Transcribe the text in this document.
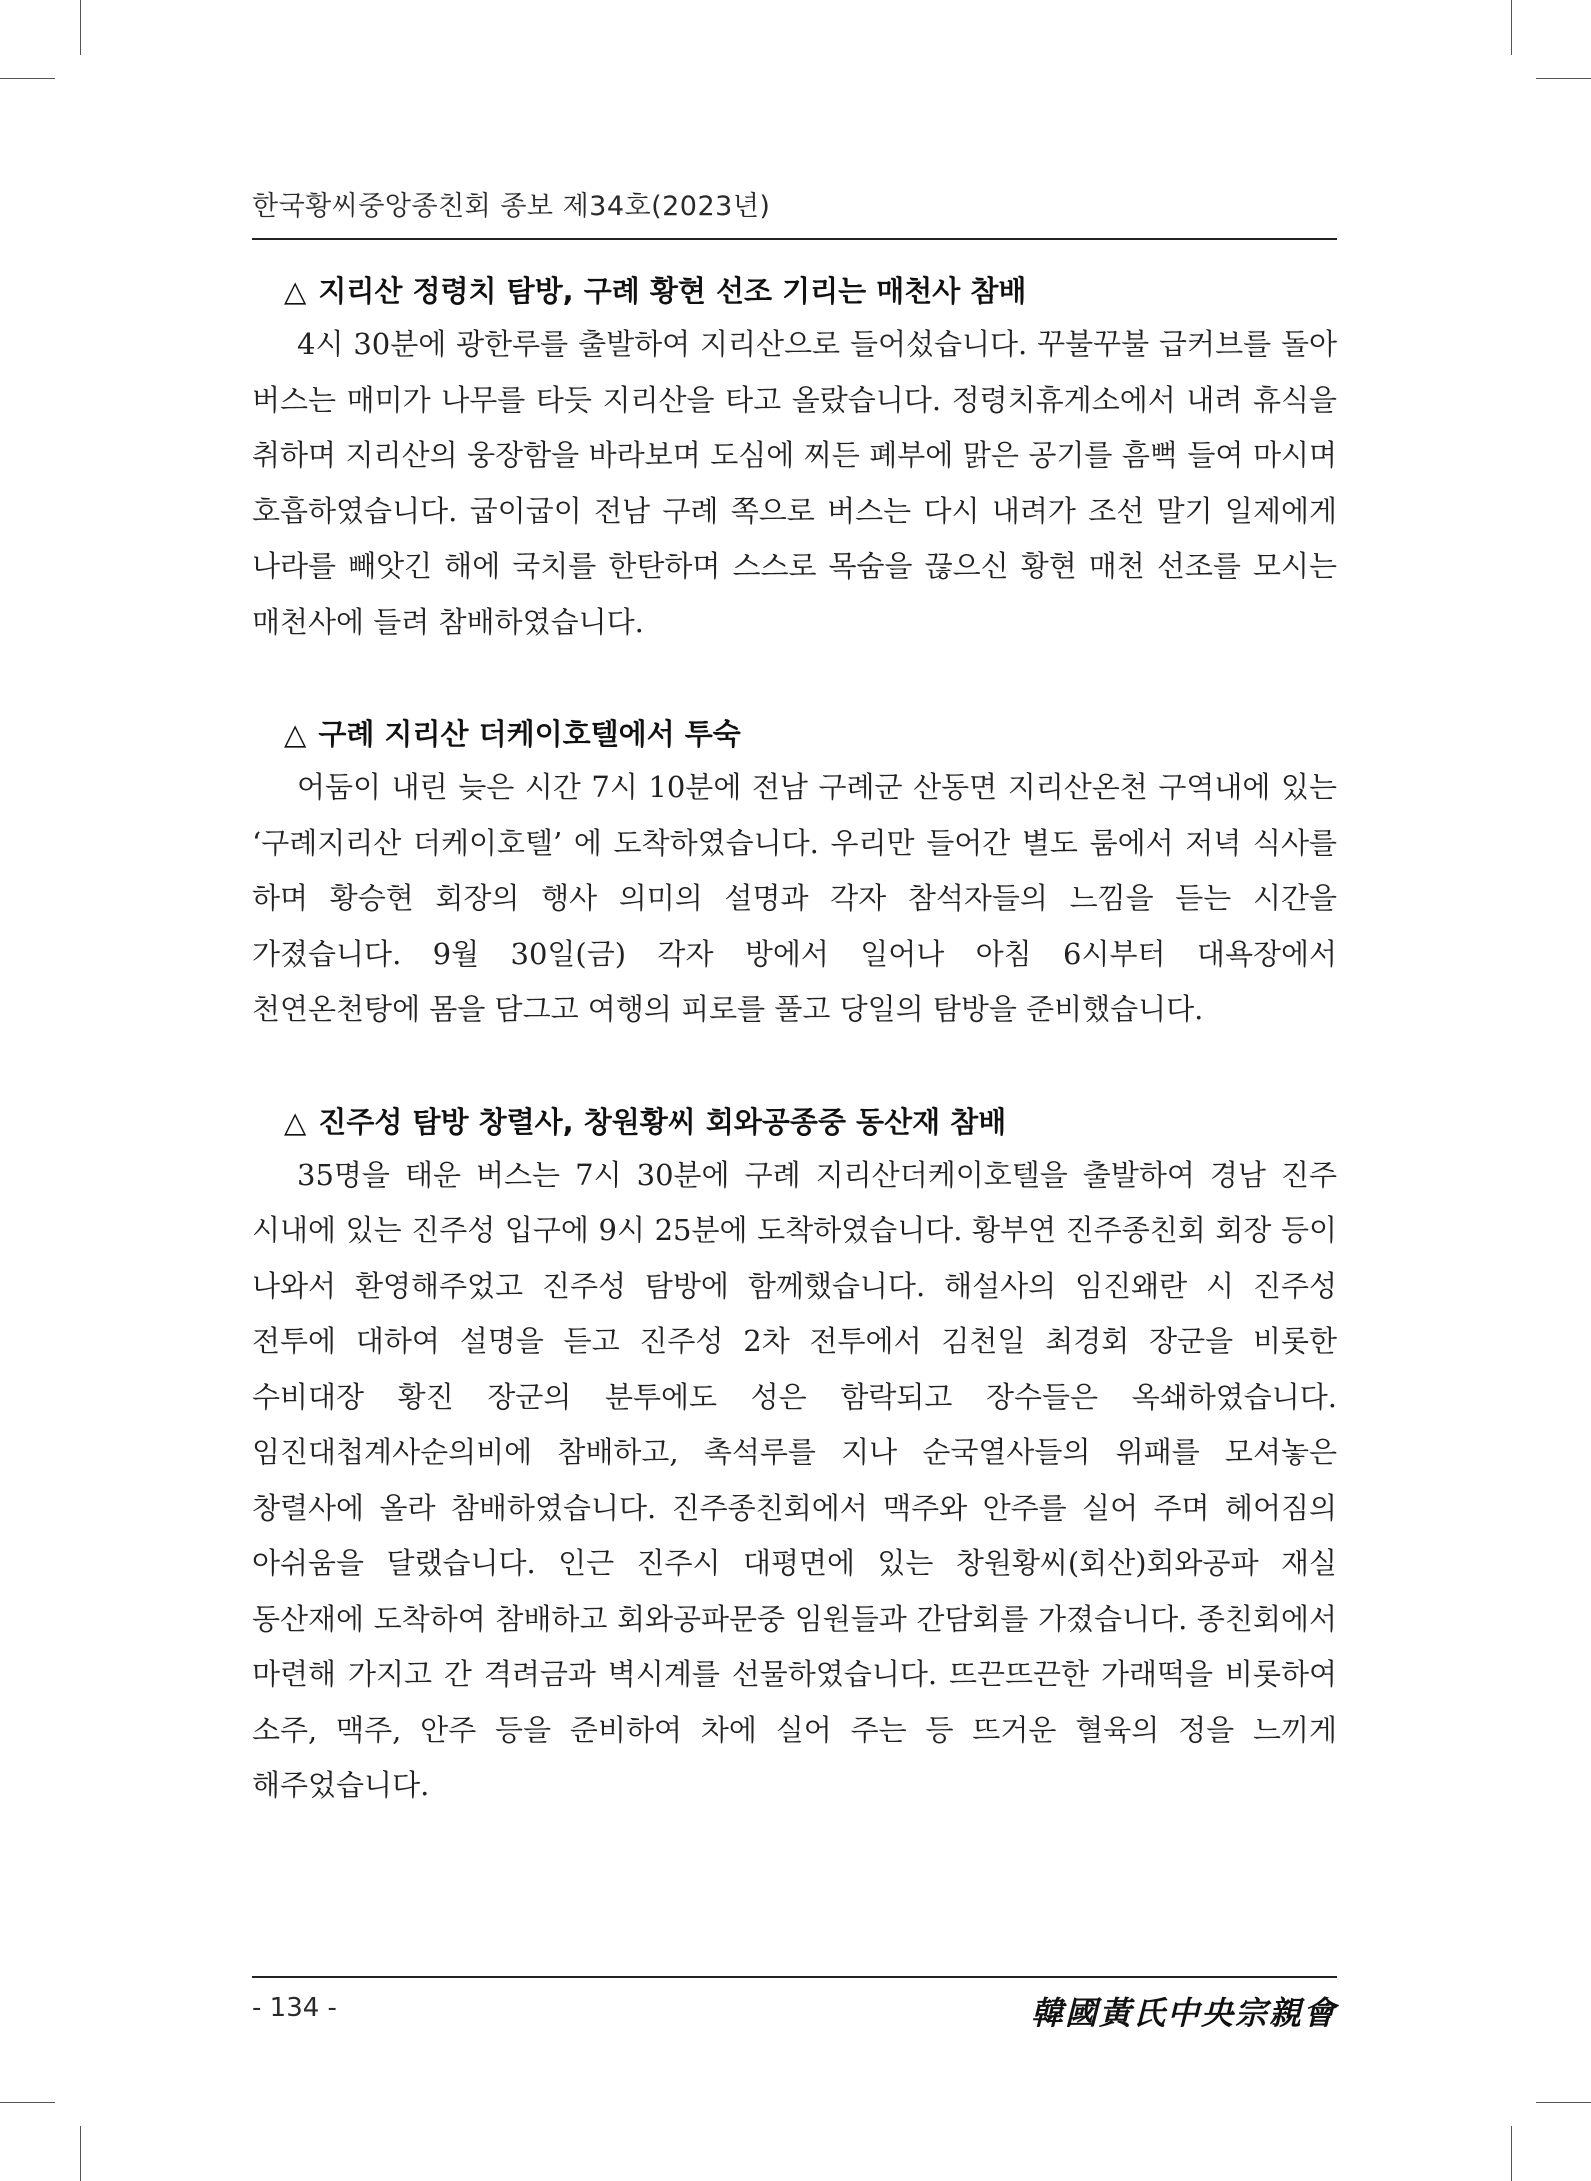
한국황씨중앙종친회 종보 제34호(2023년)
△ 지리산 정령치 탐방, 구례 황현 선조 기리는 매천사 참배

4시 30분에 광한루를 출발하여 지리산으로 들어섰습니다. 꾸불꾸불 급커브를 돌아 버스는 매미가 나무를 타듯 지리산을 타고 올랐습니다. 정령치휴게소에서 내려 휴식을 취하며 지리산의 웅장함을 바라보며 도심에 찌든 폐부에 맑은 공기를 흠뻑 들여 마시며 호흡하였습니다. 굽이굽이 전남 구례 쪽으로 버스는 다시 내려가 조선 말기 일제에게 나라를 빼앗긴 해에 국치를 한탄하며 스스로 목숨을 끊으신 황현 매천 선조를 모시는 매천사에 들려 참배하였습니다.

△ 구례 지리산 더케이호텔에서 투숙

어둠이 내린 늦은 시간 7시 10분에 전남 구례군 산동면 지리산온천 구역내에 있는 ‘구례지리산 더케이호텔’ 에 도착하였습니다. 우리만 들어간 별도 룸에서 저녁 식사를 하며 황승현 회장의 행사 의미의 설명과 각자 참석자들의 느낌을 듣는 시간을 가졌습니다. 9월 30일(금) 각자 방에서 일어나 아침 6시부터 대욕장에서 천연온천탕에 몸을 담그고 여행의 피로를 풀고 당일의 탐방을 준비했습니다.

△ 진주성 탐방 창렬사, 창원황씨 회와공종중 동산재 참배

35명을 태운 버스는 7시 30분에 구례 지리산더케이호텔을 출발하여 경남 진주 시내에 있는 진주성 입구에 9시 25분에 도착하였습니다. 황부연 진주종친회 회장 등이 나와서 환영해주었고 진주성 탐방에 함께했습니다. 해설사의 임진왜란 시 진주성 전투에 대하여 설명을 듣고 진주성 2차 전투에서 김천일 최경회 장군을 비롯한 수비대장 황진 장군의 분투에도 성은 함락되고 장수들은 옥쇄하였습니다. 임진대첩계사순의비에 참배하고, 촉석루를 지나 순국열사들의 위패를 모셔놓은 창렬사에 올라 참배하였습니다. 진주종친회에서 맥주와 안주를 실어 주며 헤어짐의 아쉬움을 달랬습니다. 인근 진주시 대평면에 있는 창원황씨(회산)회와공파 재실 동산재에 도착하여 참배하고 회와공파문중 임원들과 간담회를 가졌습니다. 종친회에서 마련해 가지고 간 격려금과 벽시계를 선물하였습니다. 뜨끈뜨끈한 가래떡을 비롯하여 소주, 맥주, 안주 등을 준비하여 차에 실어 주는 등 뜨거운 혈육의 정을 느끼게 해주었습니다.

- 134 -	韓國黃氏中央宗親會
